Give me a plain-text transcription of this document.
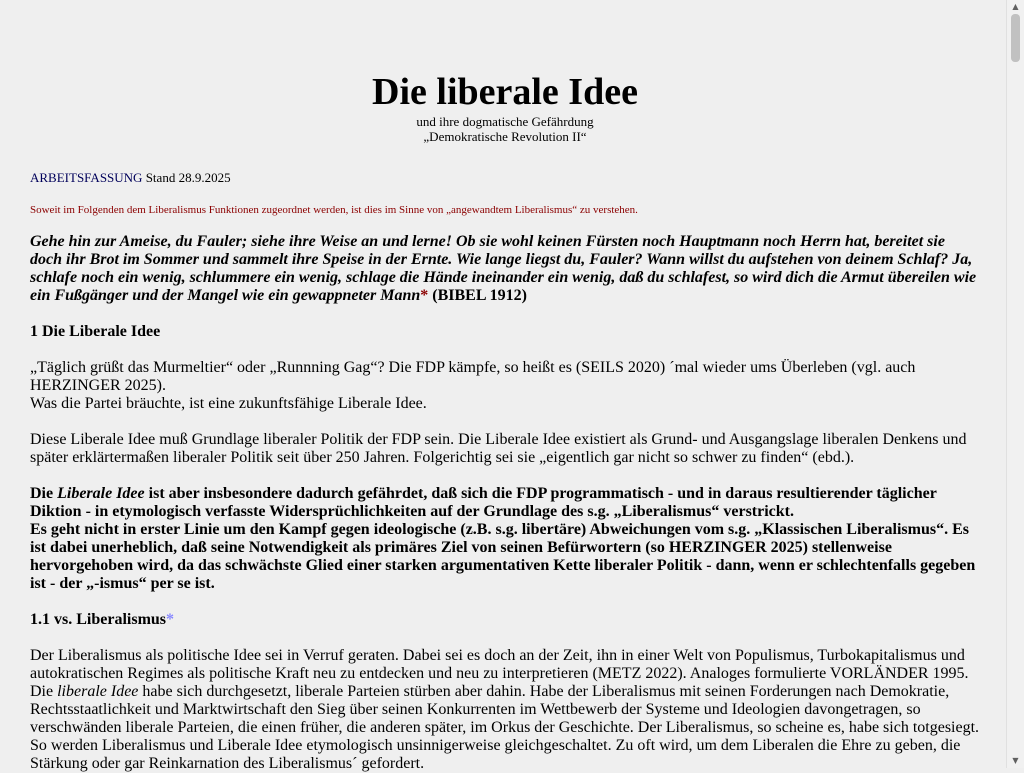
Die liberale Idee
und ihre dogmatische Gefährdung
„Demokratische Revolution II“
ARBEITSFASSUNG Stand 28.9.2025
Soweit im Folgenden dem Liberalismus Funktionen zugeordnet werden, ist dies im Sinne von „angewandtem Liberalismus“ zu verstehen.
Gehe hin zur Ameise, du Fauler; siehe ihre Weise an und lerne! Ob sie wohl keinen Fürsten noch Hauptmann noch Herrn hat, bereitet sie doch ihr Brot im Sommer und sammelt ihre Speise in der Ernte. Wie lange liegst du, Fauler? Wann willst du aufstehen von deinem Schlaf? Ja, schlafe noch ein wenig, schlummere ein wenig, schlage die Hände ineinander ein wenig, daß du schlafest, so wird dich die Armut übereilen wie ein Fußgänger und der Mangel wie ein gewappneter Mann* (BIBEL 1912)
1 Die Liberale Idee

„Täglich grüßt das Murmeltier“ oder „Runnning Gag“? Die FDP kämpfe, so heißt es (SEILS 2020) ´mal wieder ums Überleben (vgl. auch HERZINGER 2025).
Was die Partei bräuchte, ist eine zukunftsfähige Liberale Idee.

Diese Liberale Idee muß Grundlage liberaler Politik der FDP sein. Die Liberale Idee existiert als Grund- und Ausgangslage liberalen Denkens und später erklärtermaßen liberaler Politik seit über 250 Jahren. Folgerichtig sei sie „eigentlich gar nicht so schwer zu finden“ (ebd.).

Die Liberale Idee ist aber insbesondere dadurch gefährdet, daß sich die FDP programmatisch - und in daraus resultierender täglicher Diktion - in etymologisch verfasste Widersprüchlichkeiten auf der Grundlage des s.g. „Liberalismus“ verstrickt.
Es geht nicht in erster Linie um den Kampf gegen ideologische (z.B. s.g. libertäre) Abweichungen vom s.g. „Klassischen Liberalismus“. Es ist dabei unerheblich, daß seine Notwendigkeit als primäres Ziel von seinen Befürwortern (so HERZINGER 2025) stellenweise hervorgehoben wird, da das schwächste Glied einer starken argumentativen Kette liberaler Politik - dann, wenn er schlechtenfalls gegeben ist - der „-ismus“ per se ist.

1.1 vs. Liberalismus*

Der Liberalismus als politische Idee sei in Verruf geraten. Dabei sei es doch an der Zeit, ihn in einer Welt von Populismus, Turbokapitalismus und autokratischen Regimes als politische Kraft neu zu entdecken und neu zu interpretieren (METZ 2022). Analoges formulierte VORLÄNDER 1995.
Die liberale Idee habe sich durchgesetzt, liberale Parteien stürben aber dahin. Habe der Liberalismus mit seinen Forderungen nach Demokratie, Rechtsstaatlichkeit und Marktwirtschaft den Sieg über seinen Konkurrenten im Wettbewerb der Systeme und Ideologien davongetragen, so verschwänden liberale Parteien, die einen früher, die anderen später, im Orkus der Geschichte. Der Liberalismus, so scheine es, habe sich totgesiegt.
So werden Liberalismus und Liberale Idee etymologisch unsinnigerweise gleichgeschaltet. Zu oft wird, um dem Liberalen die Ehre zu geben, die Stärkung oder gar Reinkarnation des Liberalismus´ gefordert.

▲
▼
